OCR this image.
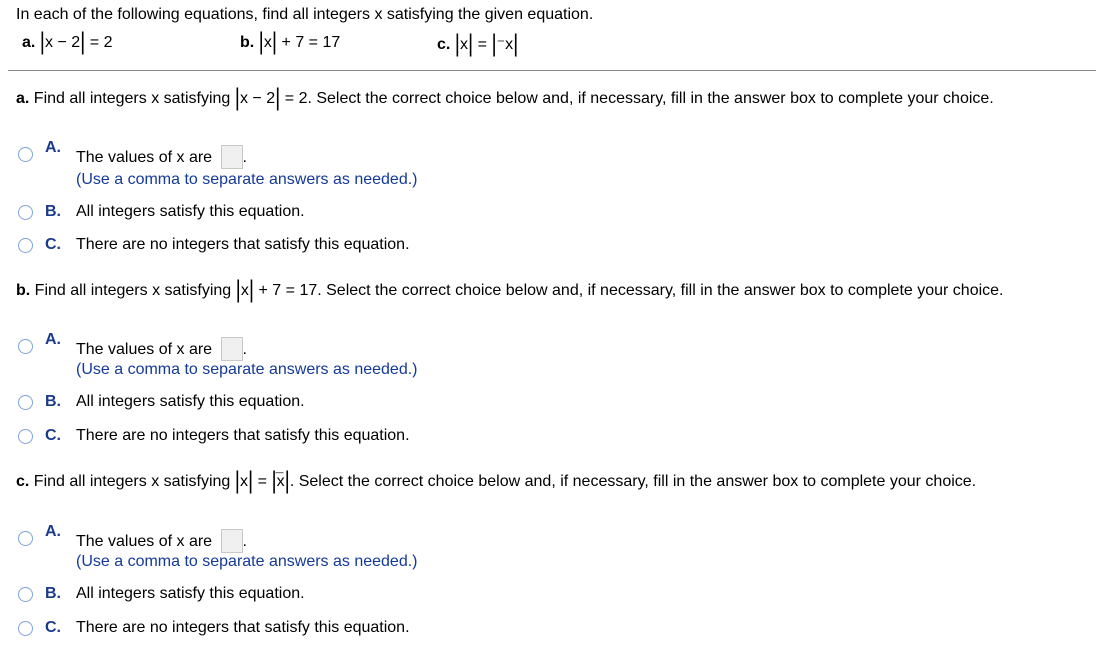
In each of the following equations, find all integers x satisfying the given equation.
a. |x − 2| = 2	b. |x| + 7 = 17	c. |x| = |⁻x|
a. Find all integers x satisfying |x − 2| = 2. Select the correct choice below and, if necessary, fill in the answer box to complete your choice.
A.
The values of x are .
(Use a comma to separate answers as needed.)
B. All integers satisfy this equation.
C. There are no integers that satisfy this equation.
b. Find all integers x satisfying |x| + 7 = 17. Select the correct choice below and, if necessary, fill in the answer box to complete your choice.
A.
The values of x are .
(Use a comma to separate answers as needed.)
B. All integers satisfy this equation.
C. There are no integers that satisfy this equation.
c. Find all integers x satisfying |x| = |¯ x|. Select the correct choice below and, if necessary, fill in the answer box to complete your choice.
A.
The values of x are .
(Use a comma to separate answers as needed.)
B. All integers satisfy this equation.
C. There are no integers that satisfy this equation.
